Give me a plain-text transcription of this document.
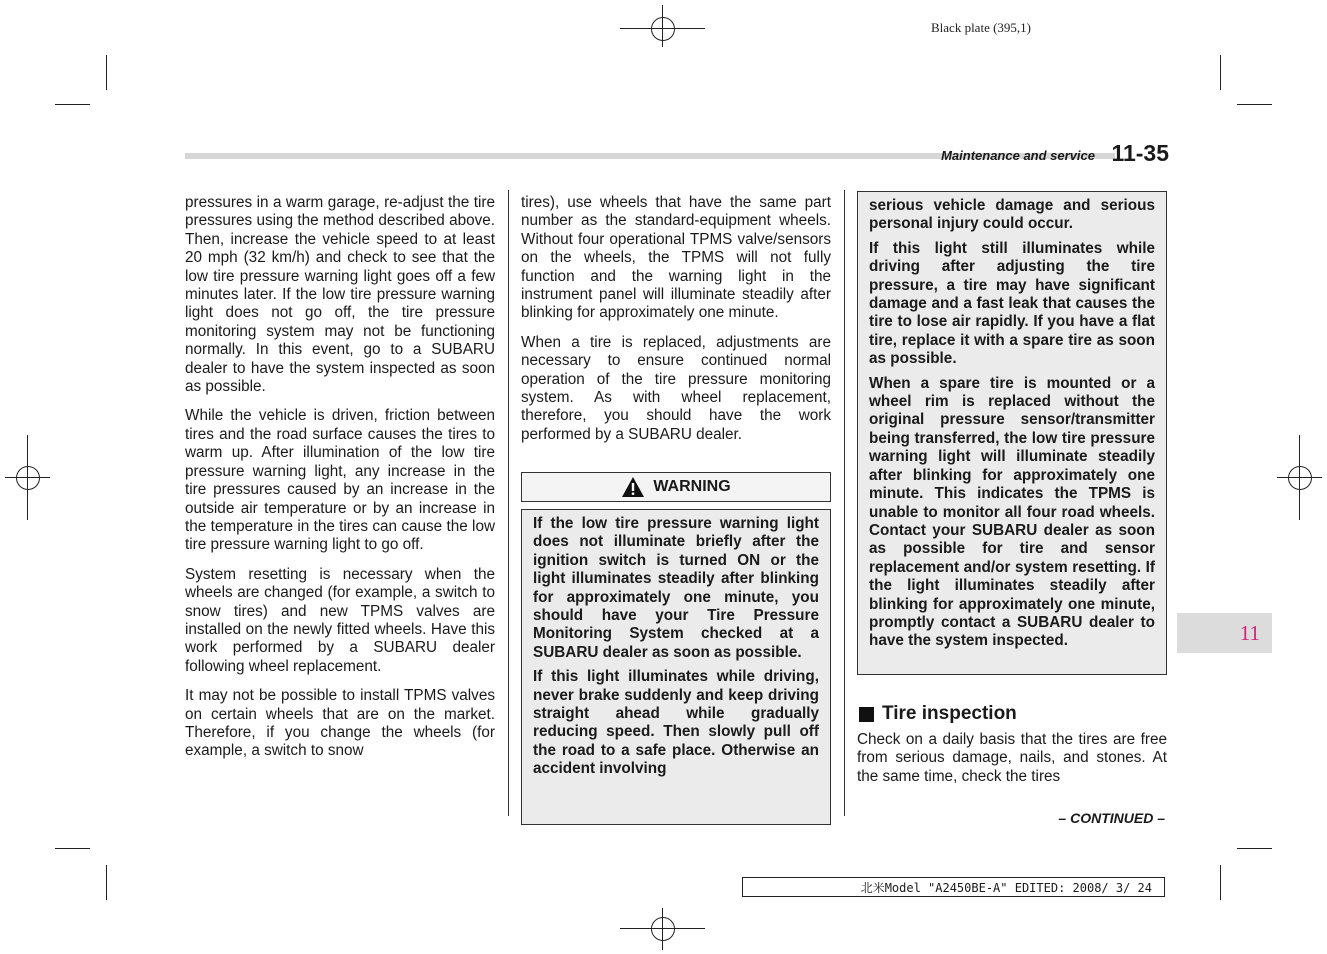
Black plate (395,1)
Maintenance and service 11-35

pressures in a warm garage, re-adjust the tire pressures using the method described above. Then, increase the vehicle speed to at least 20 mph (32 km/h) and check to see that the low tire pressure warning light goes off a few minutes later. If the low tire pressure warning light does not go off, the tire pressure monitoring system may not be functioning normally. In this event, go to a SUBARU dealer to have the system inspected as soon as possible.

While the vehicle is driven, friction between tires and the road surface causes the tires to warm up. After illumination of the low tire pressure warning light, any increase in the tire pressures caused by an increase in the outside air temperature or by an increase in the temperature in the tires can cause the low tire pressure warning light to go off.

System resetting is necessary when the wheels are changed (for example, a switch to snow tires) and new TPMS valves are installed on the newly fitted wheels. Have this work performed by a SUBARU dealer following wheel replacement.

It may not be possible to install TPMS valves on certain wheels that are on the market. Therefore, if you change the wheels (for example, a switch to snow

tires), use wheels that have the same part number as the standard-equipment wheels. Without four operational TPMS valve/sensors on the wheels, the TPMS will not fully function and the warning light in the instrument panel will illuminate steadily after blinking for approximately one minute.

When a tire is replaced, adjustments are necessary to ensure continued normal operation of the tire pressure monitoring system. As with wheel replacement, therefore, you should have the work performed by a SUBARU dealer.

WARNING

If the low tire pressure warning light does not illuminate briefly after the ignition switch is turned ON or the light illuminates steadily after blinking for approximately one minute, you should have your Tire Pressure Monitoring System checked at a SUBARU dealer as soon as possible.

If this light illuminates while driving, never brake suddenly and keep driving straight ahead while gradually reducing speed. Then slowly pull off the road to a safe place. Otherwise an accident involving

serious vehicle damage and serious personal injury could occur.

If this light still illuminates while driving after adjusting the tire pressure, a tire may have significant damage and a fast leak that causes the tire to lose air rapidly. If you have a flat tire, replace it with a spare tire as soon as possible.

When a spare tire is mounted or a wheel rim is replaced without the original pressure sensor/transmitter being transferred, the low tire pressure warning light will illuminate steadily after blinking for approximately one minute. This indicates the TPMS is unable to monitor all four road wheels. Contact your SUBARU dealer as soon as possible for tire and sensor replacement and/or system resetting. If the light illuminates steadily after blinking for approximately one minute, promptly contact a SUBARU dealer to have the system inspected.

Tire inspection
Check on a daily basis that the tires are free from serious damage, nails, and stones. At the same time, check the tires
– CONTINUED –
11
北米Model "A2450BE-A" EDITED: 2008/ 3/ 24
